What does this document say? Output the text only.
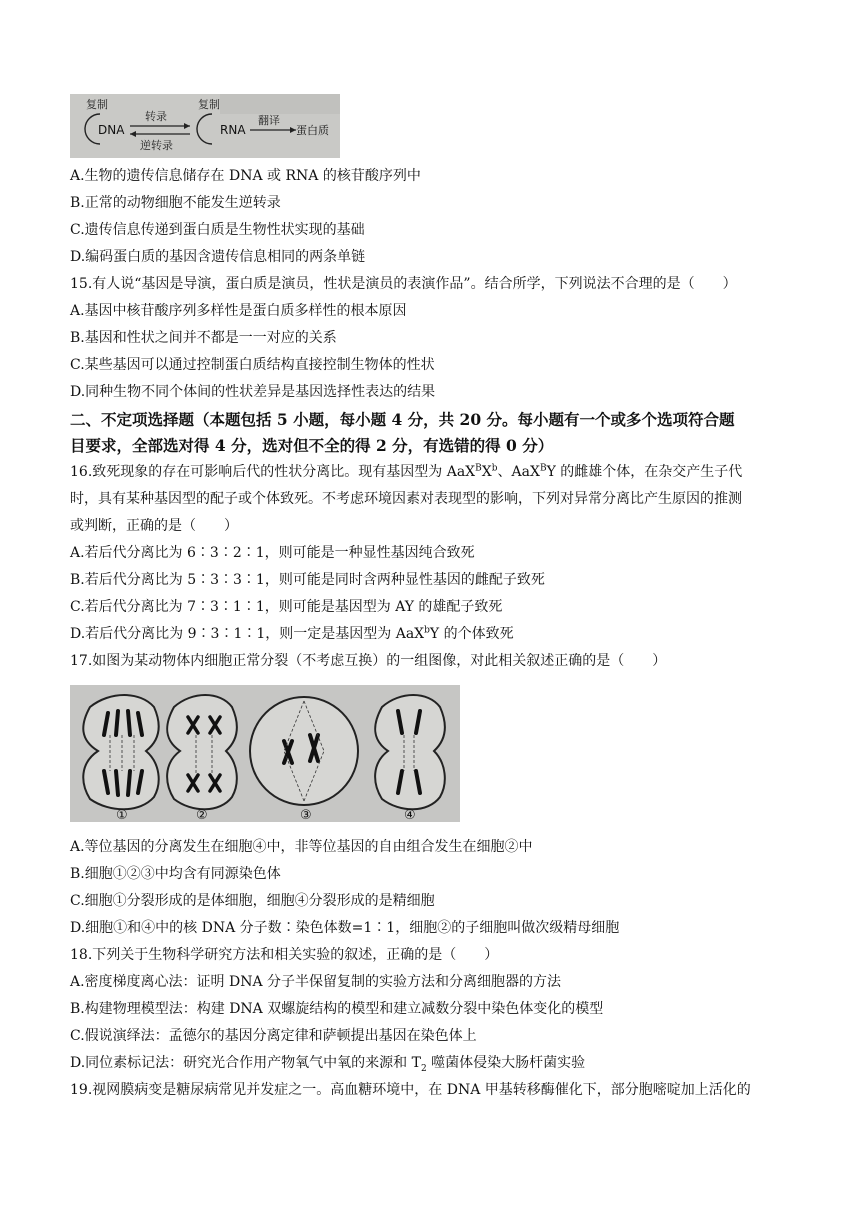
复制
DNA
转录
逆转录
复制
RNA
翻译
蛋白质
A.生物的遗传信息储存在 DNA 或 RNA 的核苷酸序列中
B.正常的动物细胞不能发生逆转录
C.遗传信息传递到蛋白质是生物性状实现的基础
D.编码蛋白质的基因含遗传信息相同的两条单链
15.有人说“基因是导演，蛋白质是演员，性状是演员的表演作品”。结合所学，下列说法不合理的是（　　）
A.基因中核苷酸序列多样性是蛋白质多样性的根本原因
B.基因和性状之间并不都是一一对应的关系
C.某些基因可以通过控制蛋白质结构直接控制生物体的性状
D.同种生物不同个体间的性状差异是基因选择性表达的结果
二、不定项选择题（本题包括 5 小题，每小题 4 分，共 20 分。每小题有一个或多个选项符合题
目要求，全部选对得 4 分，选对但不全的得 2 分，有选错的得 0 分）
16.致死现象的存在可影响后代的性状分离比。现有基因型为 $AaX^BX^b$、AaX$^B$Y 的雌雄个体，在杂交产生子代
时，具有某种基因型的配子或个体致死。不考虑环境因素对表现型的影响，下列对异常分离比产生原因的推测
或判断，正确的是（　　）
A.若后代分离比为 6∶3∶2∶1，则可能是一种显性基因纯合致死
B.若后代分离比为 5∶3∶3∶1，则可能是同时含两种显性基因的雌配子致死
C.若后代分离比为 7∶3∶1∶1，则可能是基因型为 AY 的雄配子致死
D.若后代分离比为 9∶3∶1∶1，则一定是基因型为 AaX$^b$Y 的个体致死
17.如图为某动物体内细胞正常分裂（不考虑互换）的一组图像，对此相关叙述正确的是（　　）
①	②	③	④
A.等位基因的分离发生在细胞④中，非等位基因的自由组合发生在细胞②中
B.细胞①②③中均含有同源染色体
C.细胞①分裂形成的是体细胞，细胞④分裂形成的是精细胞
D.细胞①和④中的核 DNA 分子数∶染色体数=1∶1，细胞②的子细胞叫做次级精母细胞
18.下列关于生物科学研究方法和相关实验的叙述，正确的是（　　）
A.密度梯度离心法：证明 DNA 分子半保留复制的实验方法和分离细胞器的方法
B.构建物理模型法：构建 DNA 双螺旋结构的模型和建立减数分裂中染色体变化的模型
C.假说演绎法：孟德尔的基因分离定律和萨顿提出基因在染色体上
D.同位素标记法：研究光合作用产物氧气中氧的来源和 $T_2$ 噬菌体侵染大肠杆菌实验
19.视网膜病变是糖尿病常见并发症之一。高血糖环境中，在 DNA 甲基转移酶催化下，部分胞嘧啶加上活化的
